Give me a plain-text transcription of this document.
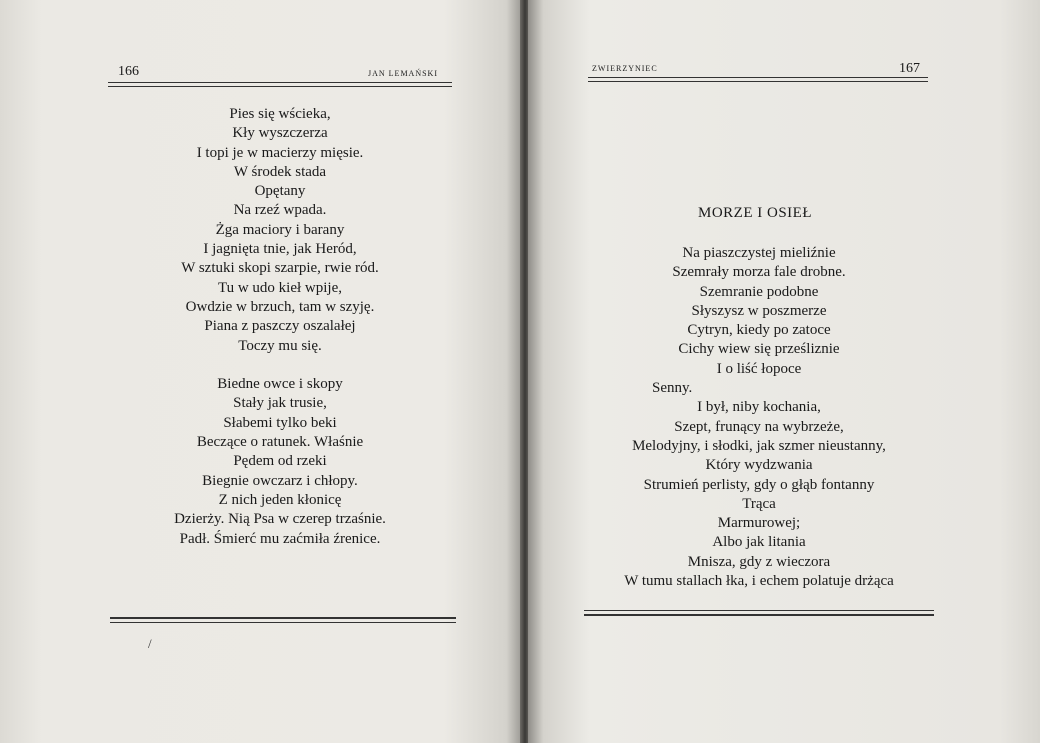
166	JAN LEMAŃSKI
Pies się wścieka,
Kły wyszczerza
I topi je w macierzy mięsie.
W środek stada
Opętany
Na rzeź wpada.
Żga maciory i barany
I jagnięta tnie, jak Heród,
W sztuki skopi szarpie, rwie ród.
Tu w udo kieł wpije,
Owdzie w brzuch, tam w szyję.
Piana z paszczy oszalałej
Toczy mu się.
Biedne owce i skopy
Stały jak trusie,
Słabemi tylko beki
Beczące o ratunek. Właśnie
Pędem od rzeki
Biegnie owczarz i chłopy.
Z nich jeden kłonicę
Dzierży. Nią Psa w czerep trzaśnie.
Padł. Śmierć mu zaćmiła źrenice.
/
ZWIERZYNIEC	167
MORZE I OSIEŁ
Na piaszczystej mieliźnie
Szemrały morza fale drobne.
Szemranie podobne
Słyszysz w poszmerze
Cytryn, kiedy po zatoce
Cichy wiew się prześliznie
I o liść łopoce
Senny.
I był, niby kochania,
Szept, frunący na wybrzeże,
Melodyjny, i słodki, jak szmer nieustanny,
Który wydzwania
Strumień perlisty, gdy o głąb fontanny
Trąca
Marmurowej;
Albo jak litania
Mnisza, gdy z wieczora
W tumu stallach łka, i echem polatuje drżąca
